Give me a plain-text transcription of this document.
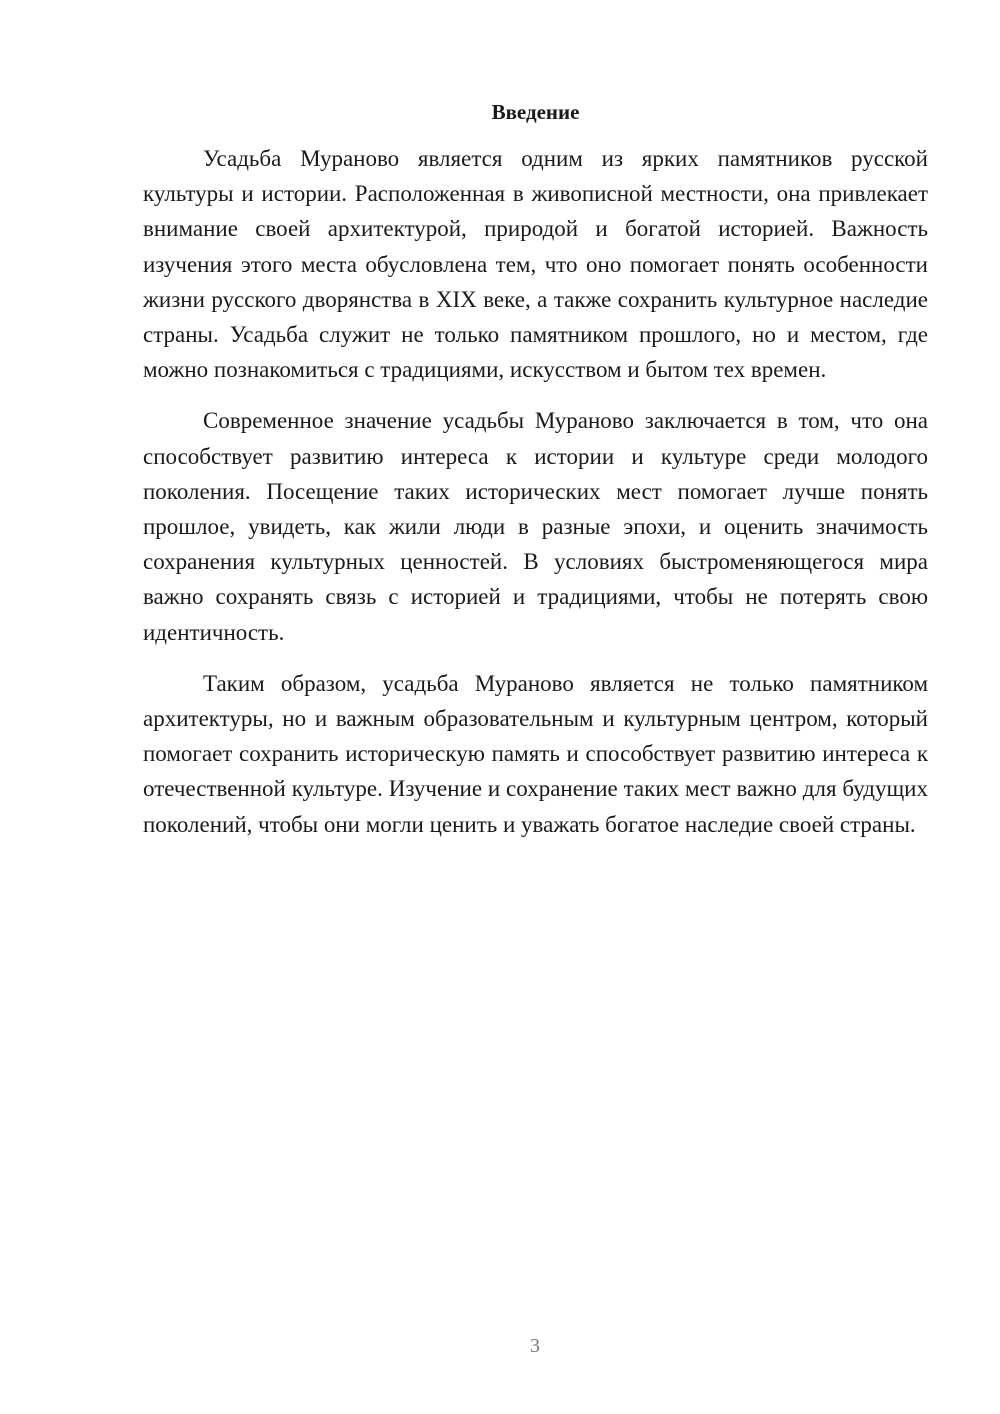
Введение

Усадьба Мураново является одним из ярких памятников русской культуры и истории. Расположенная в живописной местности, она привлекает внимание своей архитектурой, природой и богатой историей. Важность изучения этого места обусловлена тем, что оно помогает понять особенности жизни русского дворянства в XIX веке, а также сохранить культурное наследие страны. Усадьба служит не только памятником прошлого, но и местом, где можно познакомиться с традициями, искусством и бытом тех времен.

Современное значение усадьбы Мураново заключается в том, что она способствует развитию интереса к истории и культуре среди молодого поколения. Посещение таких исторических мест помогает лучше понять прошлое, увидеть, как жили люди в разные эпохи, и оценить значимость сохранения культурных ценностей. В условиях быстроменяющегося мира важно сохранять связь с историей и традициями, чтобы не потерять свою идентичность.

Таким образом, усадьба Мураново является не только памятником архитектуры, но и важным образовательным и культурным центром, который помогает сохранить историческую память и способствует развитию интереса к отечественной культуре. Изучение и сохранение таких мест важно для будущих поколений, чтобы они могли ценить и уважать богатое наследие своей страны.

3
